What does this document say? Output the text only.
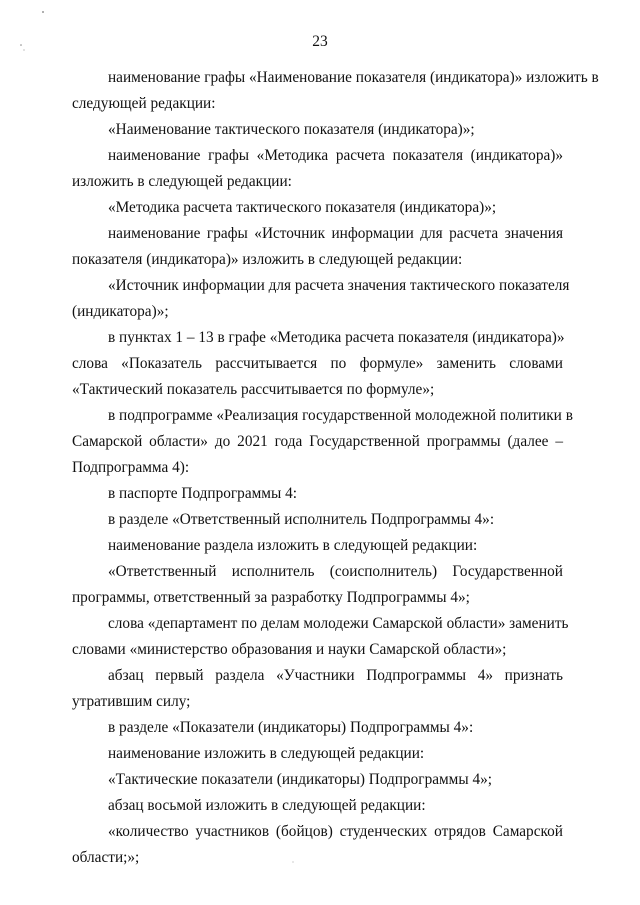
23
наименование графы «Наименование показателя (индикатора)» изложить в
следующей редакции:
«Наименование тактического показателя (индикатора)»;
наименование графы «Методика расчета показателя (индикатора)»
изложить в следующей редакции:
«Методика расчета тактического показателя (индикатора)»;
наименование графы «Источник информации для расчета значения
показателя (индикатора)» изложить в следующей редакции:
«Источник информации для расчета значения тактического показателя
(индикатора)»;
в пунктах 1 – 13 в графе «Методика расчета показателя (индикатора)»
слова «Показатель рассчитывается по формуле» заменить словами
«Тактический показатель рассчитывается по формуле»;
в подпрограмме «Реализация государственной молодежной политики в
Самарской области» до 2021 года Государственной программы (далее –
Подпрограмма 4):
в паспорте Подпрограммы 4:
в разделе «Ответственный исполнитель Подпрограммы 4»:
наименование раздела изложить в следующей редакции:
«Ответственный исполнитель (соисполнитель) Государственной
программы, ответственный за разработку Подпрограммы 4»;
слова «департамент по делам молодежи Самарской области» заменить
словами «министерство образования и науки Самарской области»;
абзац первый раздела «Участники Подпрограммы 4» признать
утратившим силу;
в разделе «Показатели (индикаторы) Подпрограммы 4»:
наименование изложить в следующей редакции:
«Тактические показатели (индикаторы) Подпрограммы 4»;
абзац восьмой изложить в следующей редакции:
«количество участников (бойцов) студенческих отрядов Самарской
области;»;
